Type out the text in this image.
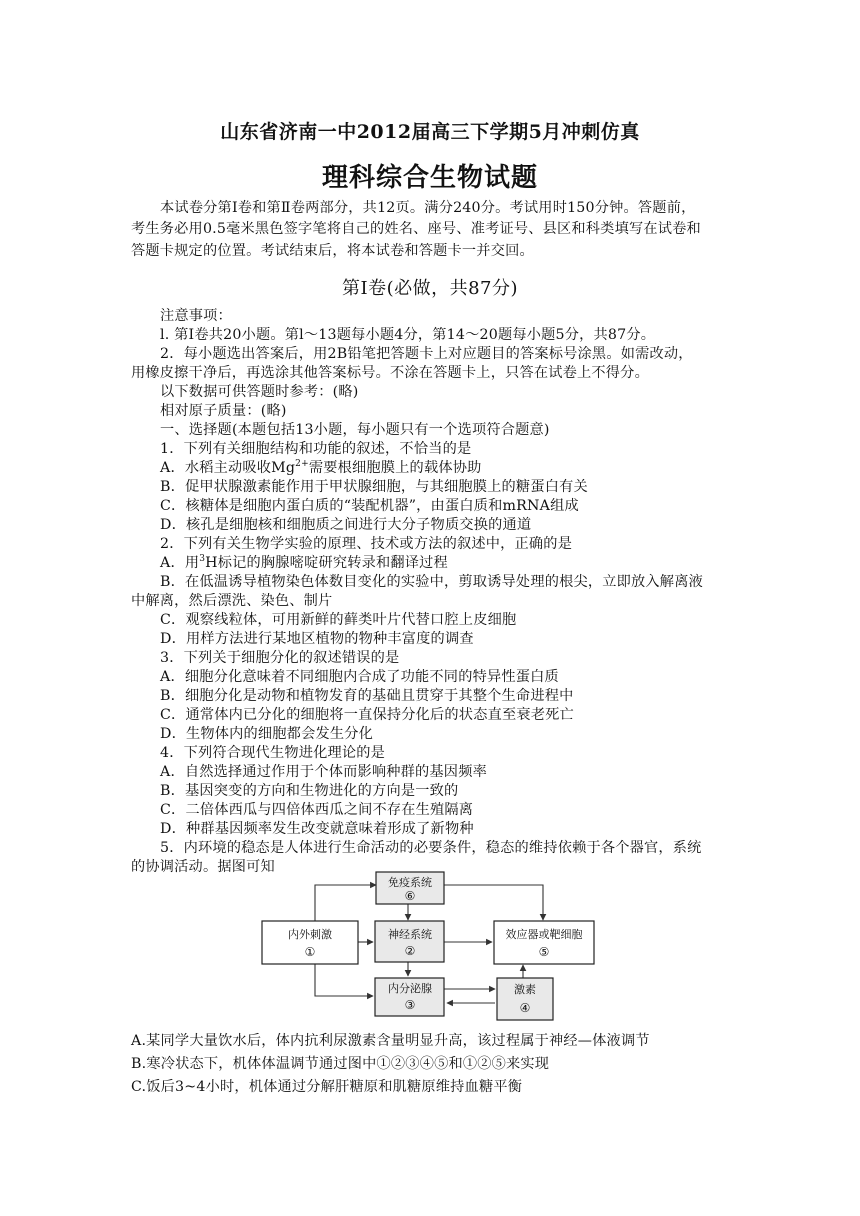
山东省济南一中2012届高三下学期5月冲刺仿真
理科综合生物试题
本试卷分第I卷和第Ⅱ卷两部分，共12页。满分240分。考试用时150分钟。答题前，
考生务必用0.5毫米黑色签字笔将自己的姓名、座号、准考证号、县区和科类填写在试卷和
答题卡规定的位置。考试结束后，将本试卷和答题卡一并交回。
第Ⅰ卷(必做，共87分)
注意事项：
l. 第I卷共20小题。第l～13题每小题4分，第14～20题每小题5分，共87分。
2．每小题选出答案后，用2B铅笔把答题卡上对应题目的答案标号涂黑。如需改动，
用橡皮擦干净后，再选涂其他答案标号。不涂在答题卡上，只答在试卷上不得分。
以下数据可供答题时参考：(略)
相对原子质量：(略)
一、选择题(本题包括13小题，每小题只有一个选项符合题意)
1．下列有关细胞结构和功能的叙述，不恰当的是
A．水稻主动吸收$Mg^{2+}$需要根细胞膜上的载体协助
B．促甲状腺激素能作用于甲状腺细胞，与其细胞膜上的糖蛋白有关
C．核糖体是细胞内蛋白质的“装配机器”，由蛋白质和mRNA组成
D．核孔是细胞核和细胞质之间进行大分子物质交换的通道
2．下列有关生物学实验的原理、技术或方法的叙述中，正确的是
A．用$^3$H标记的胸腺嘧啶研究转录和翻译过程
B．在低温诱导植物染色体数目变化的实验中，剪取诱导处理的根尖，立即放入解离液
中解离，然后漂洗、染色、制片
C．观察线粒体，可用新鲜的藓类叶片代替口腔上皮细胞
D．用样方法进行某地区植物的物种丰富度的调查
3．下列关于细胞分化的叙述错误的是
A．细胞分化意味着不同细胞内合成了功能不同的特异性蛋白质
B．细胞分化是动物和植物发育的基础且贯穿于其整个生命进程中
C．通常体内已分化的细胞将一直保持分化后的状态直至衰老死亡
D．生物体内的细胞都会发生分化
4．下列符合现代生物进化理论的是
A．自然选择通过作用于个体而影响种群的基因频率
B．基因突变的方向和生物进化的方向是一致的
C．二倍体西瓜与四倍体西瓜之间不存在生殖隔离
D．种群基因频率发生改变就意味着形成了新物种
5．内环境的稳态是人体进行生命活动的必要条件，稳态的维持依赖于各个器官，系统
的协调活动。据图可知
免疫系统
⑥
内外刺激
①
神经系统
②
效应器或靶细胞
⑤
内分泌腺
③
激素
④
A.某同学大量饮水后，体内抗利尿激素含量明显升高，该过程属于神经—体液调节
B.寒冷状态下，机体体温调节通过图中①②③④⑤和①②⑤来实现
C.饭后3~4小时，机体通过分解肝糖原和肌糖原维持血糖平衡
